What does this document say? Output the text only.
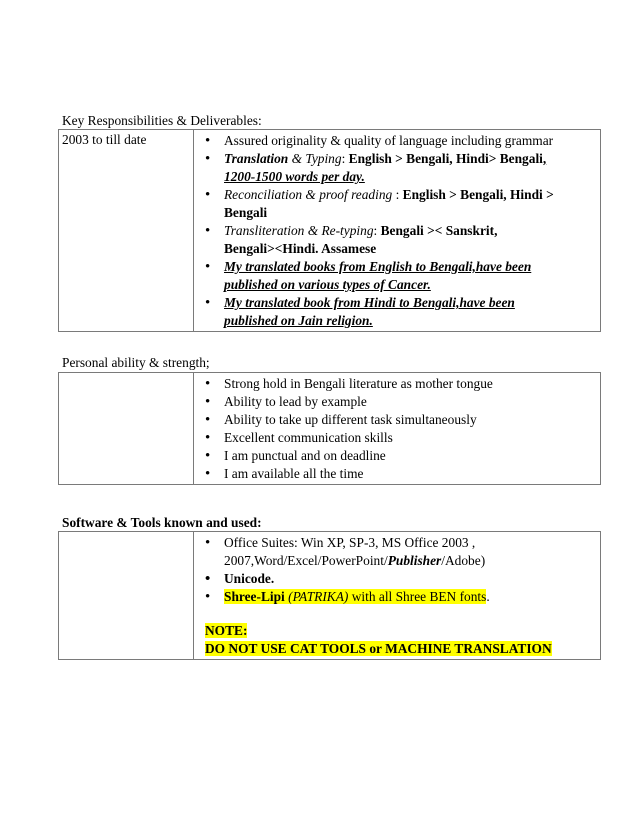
Key Responsibilities & Deliverables:
2003 to till date	
•Assured originality & quality of language including grammar
• Translation & Typing: English > Bengali, Hindi> Bengali,
1200-1500 words per day.
• Reconciliation & proof reading : English > Bengali, Hindi >
Bengali
• Transliteration & Re-typing: Bengali >< Sanskrit,
Bengali><Hindi. Assamese
• My translated books from English to Bengali,have been
published on various types of Cancer.
• My translated book from Hindi to Bengali,have been
published on Jain religion.
Personal ability & strength;

• Strong hold in Bengali literature as mother tongue
• Ability to lead by example
• Ability to take up different task simultaneously
• Excellent communication skills
• I am punctual and on deadline
• I am available all the time
Software & Tools known and used:

• Office Suites: Win XP, SP-3, MS Office 2003 ,
2007,Word/Excel/PowerPoint/Publisher/Adobe)
• Unicode.
• Shree-Lipi (PATRIKA) with all Shree BEN fonts.
NOTE:
DO NOT USE CAT TOOLS or MACHINE TRANSLATION
